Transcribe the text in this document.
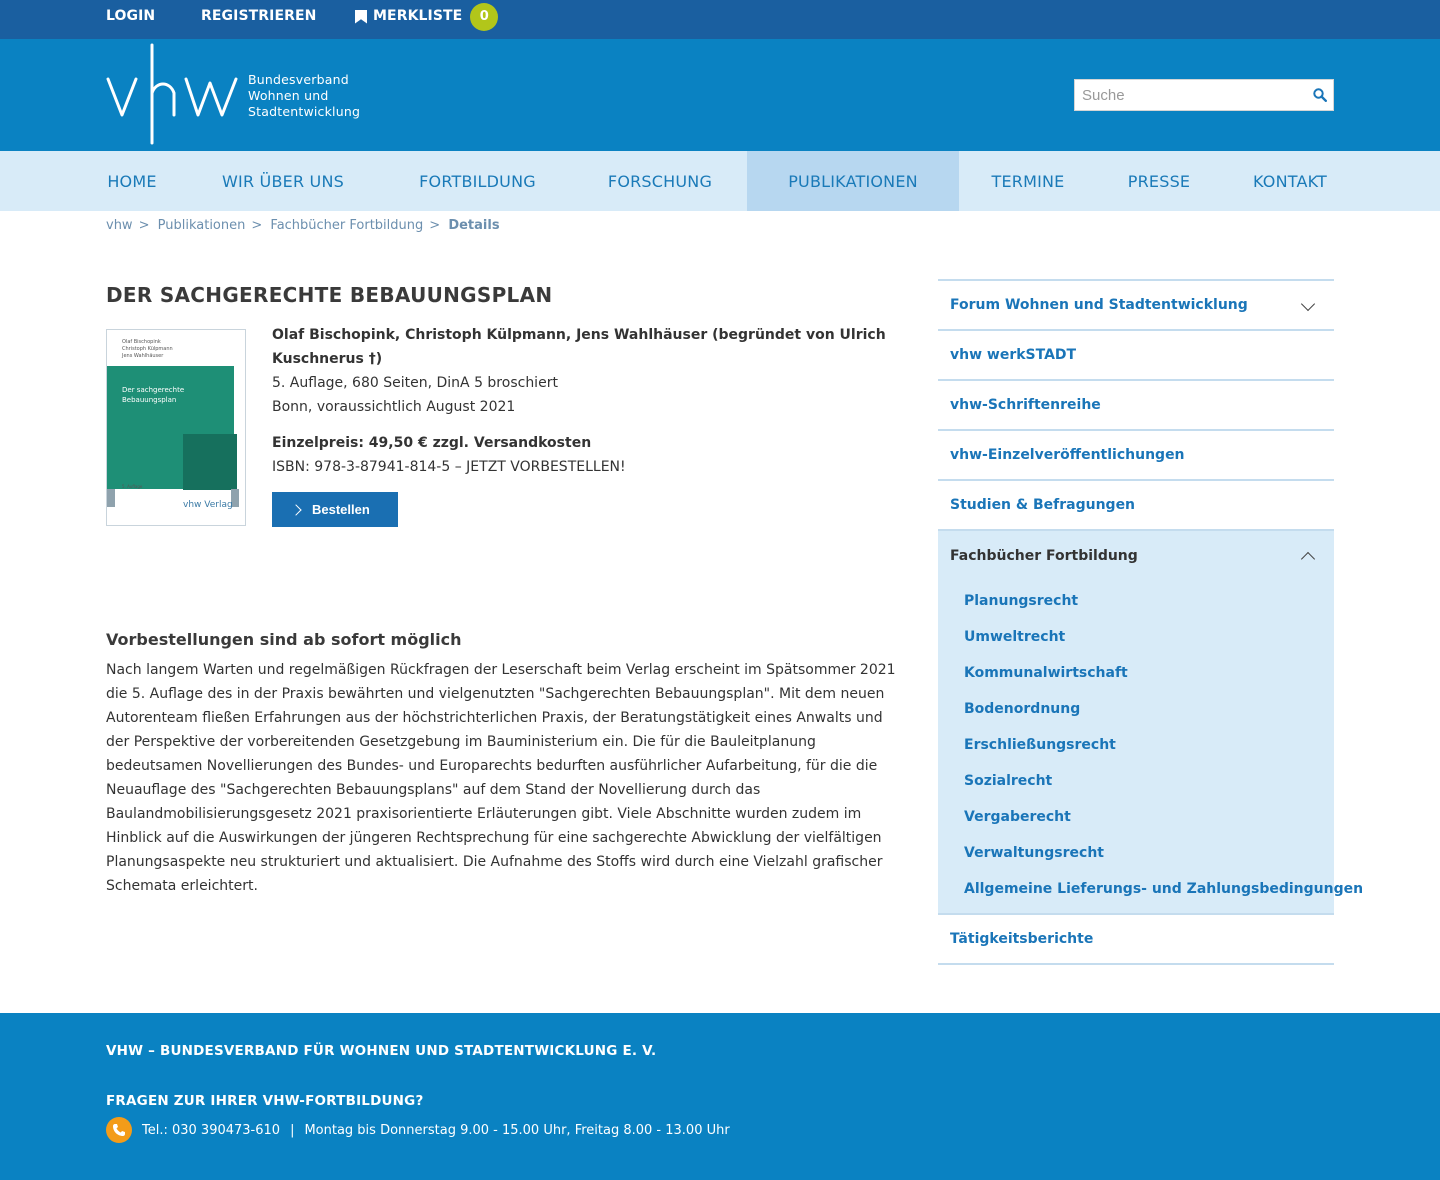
LOGIN	REGISTRIEREN	MERKLISTE	0
Bundesverband
Wohnen und
Stadtentwicklung
Suche
HOME	WIR ÜBER UNS	FORTBILDUNG	FORSCHUNG	PUBLIKATIONEN	TERMINE	PRESSE	KONTAKT
vhw > Publikationen > Fachbücher Fortbildung > Details
DER SACHGERECHTE BEBAUUNGSPLAN
Olaf Bischopink
Christoph Külpmann
Jens Wahlhäuser
Der sachgerechte
Bebauungsplan
5. Auflage
vhw Verlag
Olaf Bischopink, Christoph Külpmann, Jens Wahlhäuser (begründet von Ulrich Kuschnerus †)
5. Auflage, 680 Seiten, DinA 5 broschiert
Bonn, voraussichtlich August 2021
Einzelpreis: 49,50 € zzgl. Versandkosten
ISBN: 978-3-87941-814-5 – JETZT VORBESTELLEN!
Bestellen
Vorbestellungen sind ab sofort möglich

Nach langem Warten und regelmäßigen Rückfragen der Leserschaft beim Verlag erscheint im Spätsommer 2021 die 5. Auflage des in der Praxis bewährten und vielgenutzten "Sachgerechten Bebauungsplan". Mit dem neuen Autorenteam fließen Erfahrungen aus der höchstrichterlichen Praxis, der Beratungstätigkeit eines Anwalts und der Perspektive der vorbereitenden Gesetzgebung im Bauministerium ein. Die für die Bauleitplanung bedeutsamen Novellierungen des Bundes- und Europarechts bedurften ausführlicher Aufarbeitung, für die die Neuauflage des "Sachgerechten Bebauungsplans" auf dem Stand der Novellierung durch das Baulandmobilisierungsgesetz 2021 praxisorientierte Erläuterungen gibt. Viele Abschnitte wurden zudem im Hinblick auf die Auswirkungen der jüngeren Rechtsprechung für eine sachgerechte Abwicklung der vielfältigen Planungsaspekte neu strukturiert und aktualisiert. Die Aufnahme des Stoffs wird durch eine Vielzahl grafischer Schemata erleichtert.

Forum Wohnen und Stadtentwicklung
vhw werkSTADT
vhw-Schriftenreihe
vhw-Einzelveröffentlichungen
Studien & Befragungen
Fachbücher Fortbildung
Planungsrecht
Umweltrecht
Kommunalwirtschaft
Bodenordnung
Erschließungsrecht
Sozialrecht
Vergaberecht
Verwaltungsrecht
Allgemeine Lieferungs- und Zahlungsbedingungen
Tätigkeitsberichte
VHW – BUNDESVERBAND FÜR WOHNEN UND STADTENTWICKLUNG E. V.
FRAGEN ZUR IHRER VHW-FORTBILDUNG?
Tel.: 030 390473-610 | Montag bis Donnerstag 9.00 - 15.00 Uhr, Freitag 8.00 - 13.00 Uhr
